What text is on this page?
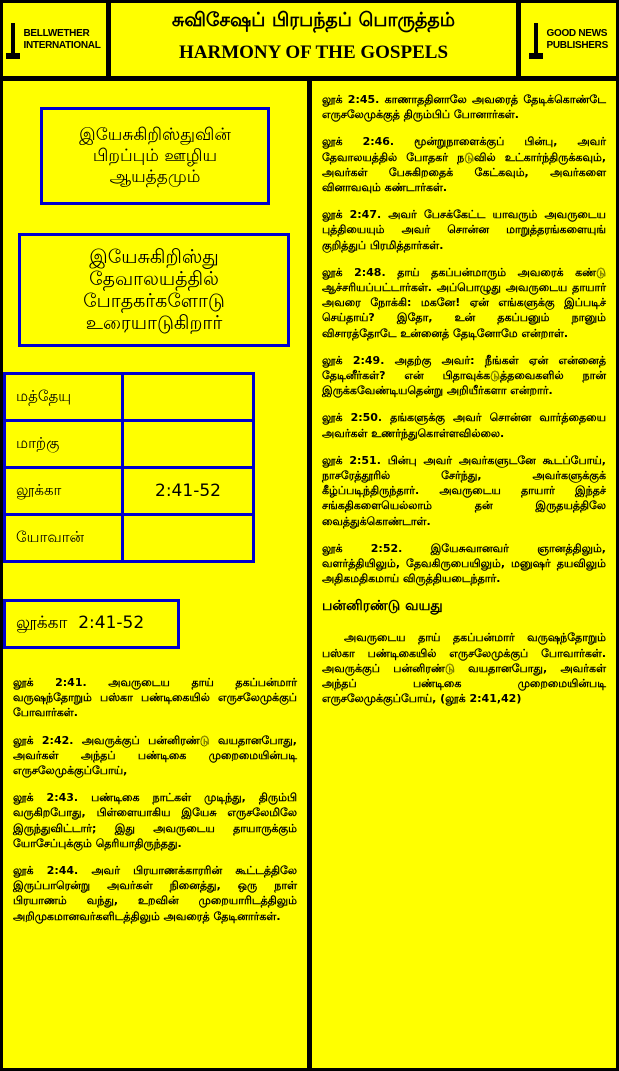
BELLWETHER INTERNATIONAL
சுவிசேஷப் பிரபந்தப் பொருத்தம்
HARMONY OF THE GOSPELS
GOOD NEWS PUBLISHERS
இயேசுகிறிஸ்துவின் பிறப்பும் ஊழிய ஆயத்தமும்
இயேசுகிறிஸ்து தேவாலயத்தில் போதகர்களோடு உரையாடுகிறார்
மத்தேயு
மாற்கு
லூக்கா	2:41-52
யோவான்
லூக்கா  2:41-52

லூக் 2:41. அவருடைய தாய் தகப்பன்மார் வருஷந்தோறும் பஸ்கா பண்டிகையில் எருசலேமுக்குப் போவார்கள்.

லூக் 2:42. அவருக்குப் பன்னிரண்டு வயதானபோது, அவர்கள் அந்தப் பண்டிகை முறைமையின்படி எருசலேமுக்குப்போய்,

லூக் 2:43. பண்டிகை நாட்கள் முடிந்து, திரும்பி வருகிறபோது, பிள்ளையாகிய இயேசு எருசலேமிலே இருந்துவிட்டார்; இது அவருடைய தாயாருக்கும் யோசேப்புக்கும் தெரியாதிருந்தது.

லூக் 2:44. அவர் பிரயாணக்காரரின் கூட்டத்திலே இருப்பாரென்று அவர்கள் நினைத்து, ஒரு நாள் பிரயாணம் வந்து, உறவின் முறையாரிடத்திலும் அறிமுகமானவர்களிடத்திலும் அவரைத் தேடினார்கள்.

லூக் 2:45. காணாததினாலே அவரைத் தேடிக்கொண்டே எருசலேமுக்குத் திரும்பிப் போனார்கள்.

லூக் 2:46. மூன்றுநாளைக்குப் பின்பு, அவர் தேவாலயத்தில் போதகர் நடுவில் உட்கார்ந்திருக்கவும், அவர்கள் பேசுகிறதைக் கேட்கவும், அவர்களை வினாவவும் கண்டார்கள்.

லூக் 2:47. அவர் பேசக்கேட்ட யாவரும் அவருடைய புத்தியையும் அவர் சொன்ன மாறுத்தரங்களையுங் குறித்துப் பிரமித்தார்கள்.

லூக் 2:48. தாய் தகப்பன்மாரும் அவரைக் கண்டு ஆச்சரியப்பட்டார்கள். அப்பொழுது அவருடைய தாயார் அவரை நோக்கி: மகனே! ஏன் எங்களுக்கு இப்படிச் செய்தாய்? இதோ, உன் தகப்பனும் நானும் விசாரத்தோடே உன்னைத் தேடினோமே என்றாள்.

லூக் 2:49. அதற்கு அவர்: நீங்கள் ஏன் என்னைத் தேடினீர்கள்? என் பிதாவுக்கடுத்தவைகளில் நான் இருக்கவேண்டியதென்று அறியீர்களா என்றார்.

லூக் 2:50. தங்களுக்கு அவர் சொன்ன வார்த்தையை அவர்கள் உணர்ந்துகொள்ளவில்லை.

லூக் 2:51. பின்பு அவர் அவர்களுடனே கூடப்போய், நாசரேத்தூரில் சேர்ந்து, அவர்களுக்குக் கீழ்ப்படிந்திருந்தார். அவருடைய தாயார் இந்தச் சங்கதிகளையெல்லாம் தன் இருதயத்திலே வைத்துக்கொண்டாள்.

லூக் 2:52. இயேசுவானவர் ஞானத்திலும், வளர்த்தியிலும், தேவகிருபையிலும், மனுஷர் தயவிலும் அதிகமதிகமாய் விருத்தியடைந்தார்.

பன்னிரண்டு வயது

அவருடைய தாய் தகப்பன்மார் வருஷந்தோறும் பஸ்கா பண்டிகையில் எருசலேமுக்குப் போவார்கள். அவருக்குப் பன்னிரண்டு வயதானபோது, அவர்கள் அந்தப் பண்டிகை முறைமையின்படி எருசலேமுக்குப்போய், (லூக் 2:41,42)
